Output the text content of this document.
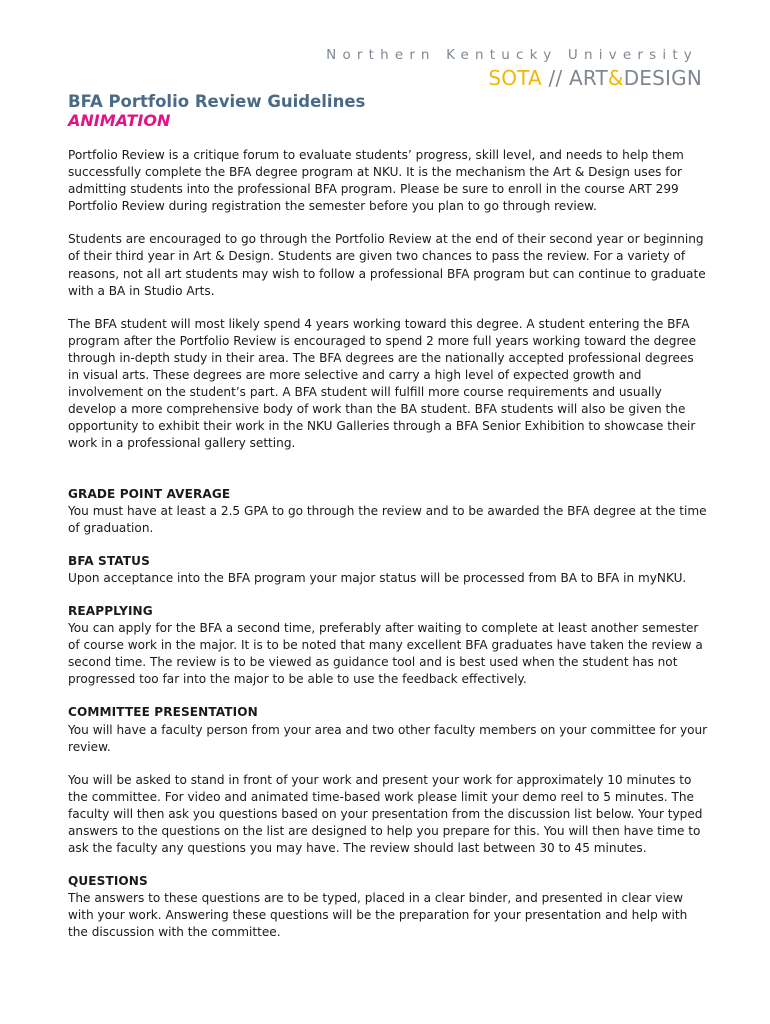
Northern Kentucky University
SOTA // ART&DESIGN
BFA Portfolio Review Guidelines
ANIMATION

Portfolio Review is a critique forum to evaluate students’ progress, skill level, and needs to help them successfully complete the BFA degree program at NKU. It is the mechanism the Art & Design uses for admitting students into the professional BFA program. Please be sure to enroll in the course ART 299 Portfolio Review during registration the semester before you plan to go through review.

Students are encouraged to go through the Portfolio Review at the end of their second year or beginning of their third year in Art & Design. Students are given two chances to pass the review. For a variety of reasons, not all art students may wish to follow a professional BFA program but can continue to graduate with a BA in Studio Arts.

The BFA student will most likely spend 4 years working toward this degree. A student entering the BFA program after the Portfolio Review is encouraged to spend 2 more full years working toward the degree through in-depth study in their area. The BFA degrees are the nationally accepted professional degrees in visual arts. These degrees are more selective and carry a high level of expected growth and involvement on the student’s part. A BFA student will fulfill more course requirements and usually develop a more comprehensive body of work than the BA student. BFA students will also be given the opportunity to exhibit their work in the NKU Galleries through a BFA Senior Exhibition to showcase their work in a professional gallery setting.

GRADE POINT AVERAGE

You must have at least a 2.5 GPA to go through the review and to be awarded the BFA degree at the time of graduation.

BFA STATUS

Upon acceptance into the BFA program your major status will be processed from BA to BFA in myNKU.

REAPPLYING

You can apply for the BFA a second time, preferably after waiting to complete at least another semester of course work in the major. It is to be noted that many excellent BFA graduates have taken the review a second time. The review is to be viewed as guidance tool and is best used when the student has not progressed too far into the major to be able to use the feedback effectively.

COMMITTEE PRESENTATION

You will have a faculty person from your area and two other faculty members on your committee for your review.

You will be asked to stand in front of your work and present your work for approximately 10 minutes to the committee. For video and animated time-based work please limit your demo reel to 5 minutes. The faculty will then ask you questions based on your presentation from the discussion list below. Your typed answers to the questions on the list are designed to help you prepare for this. You will then have time to ask the faculty any questions you may have. The review should last between 30 to 45 minutes.

QUESTIONS

The answers to these questions are to be typed, placed in a clear binder, and presented in clear view with your work. Answering these questions will be the preparation for your presentation and help with the discussion with the committee.
